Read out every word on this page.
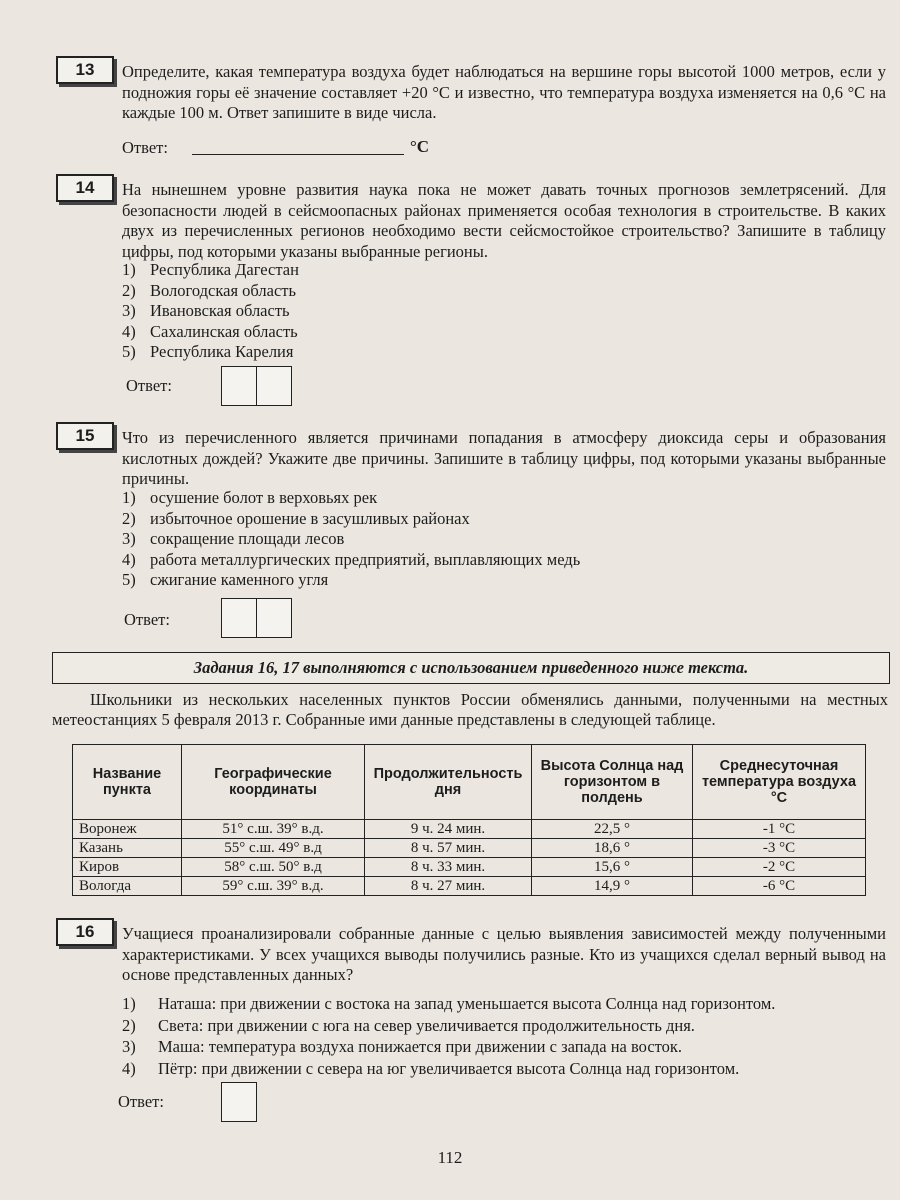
13	Определите, какая температура воздуха будет наблюдаться на вершине горы высотой 1000 метров, если у подножия горы её значение составляет +20 °С и известно, что температура воздуха изменяется на 0,6 °С на каждые 100 м. Ответ запишите в виде числа.
Ответ:	°С
14	На нынешнем уровне развития наука пока не может давать точных прогнозов землетрясений. Для безопасности людей в сейсмоопасных районах применяется особая технология в строительстве. В каких двух из перечисленных регионов необходимо вести сейсмостойкое строительство? Запишите в таблицу цифры, под которыми указаны выбранные регионы.
1) Республика Дагестан
2) Вологодская область
3) Ивановская область
4) Сахалинская область
5) Республика Карелия
Ответ:
15	Что из перечисленного является причинами попадания в атмосферу диоксида серы и образования кислотных дождей? Укажите две причины. Запишите в таблицу цифры, под которыми указаны выбранные причины.
1) осушение болот в верховьях рек
2) избыточное орошение в засушливых районах
3) сокращение площади лесов
4) работа металлургических предприятий, выплавляющих медь
5) сжигание каменного угля
Ответ:
Задания 16, 17 выполняются с использованием приведенного ниже текста.
Школьники из нескольких населенных пунктов России обменялись данными, полученными на местных метеостанциях 5 февраля 2013 г. Собранные ими данные представлены в следующей таблице.
Название пункта	Географические координаты	Продолжительность дня	Высота Солнца над горизонтом в полдень	Среднесуточная температура воздуха °С
Воронеж	51° с.ш. 39° в.д.	9 ч. 24 мин.	22,5 °	-1 °С
Казань	55° с.ш. 49° в.д	8 ч. 57 мин.	18,6 °	-3 °С
Киров	58° с.ш. 50° в.д	8 ч. 33 мин.	15,6 °	-2 °С
Вологда	59° с.ш. 39° в.д.	8 ч. 27 мин.	14,9 °	-6 °С
16	Учащиеся проанализировали собранные данные с целью выявления зависимостей между полученными характеристиками. У всех учащихся выводы получились разные. Кто из учащихся сделал верный вывод на основе представленных данных?
1)	Наташа: при движении с востока на запад уменьшается высота Солнца над горизонтом.
2)	Света: при движении с юга на север увеличивается продолжительность дня.
3)	Маша: температура воздуха понижается при движении с запада на восток.
4)	Пётр: при движении с севера на юг увеличивается высота Солнца над горизонтом.
Ответ:
112
